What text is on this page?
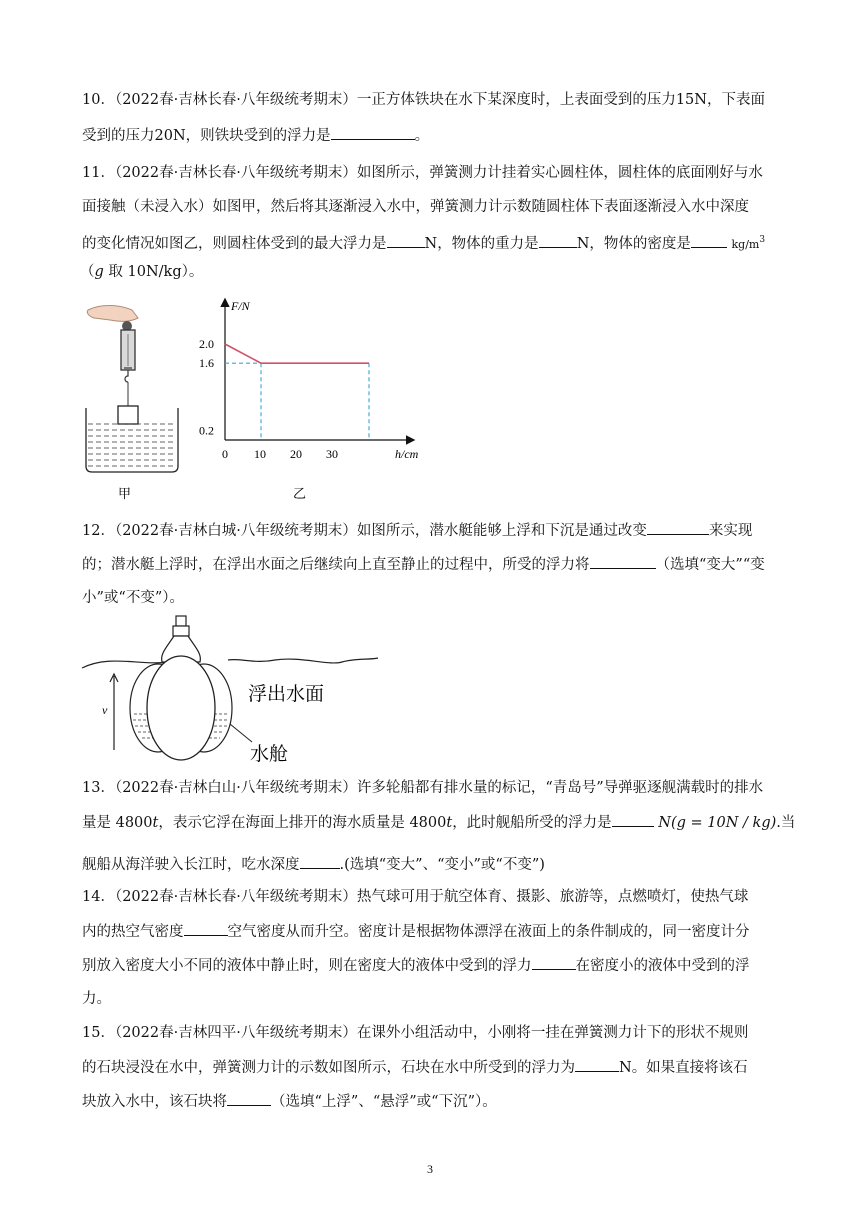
10．（2022春·吉林长春·八年级统考期末）一正方体铁块在水下某深度时，上表面受到的压力15N，下表面
受到的压力20N，则铁块受到的浮力是	。
11．（2022春·吉林长春·八年级统考期末）如图所示，弹簧测力计挂着实心圆柱体，圆柱体的底面刚好与水
面接触（未浸入水）如图甲，然后将其逐渐浸入水中，弹簧测力计示数随圆柱体下表面逐渐浸入水中深度
的变化情况如图乙，则圆柱体受到的最大浮力是	N，物体的重力是	N，物体的密度是	$kg/m^3$
（g 取 10N/kg）。
甲
F/N
h/cm
2.0
1.6
0.2
0 10 20 30
乙
12．（2022春·吉林白城·八年级统考期末）如图所示，潜水艇能够上浮和下沉是通过改变	来实现
的；潜水艇上浮时，在浮出水面之后继续向上直至静止的过程中，所受的浮力将	（选填“变大”“变
小”或“不变”）。
v
浮出水面
水舱
13．（2022春·吉林白山·八年级统考期末）许多轮船都有排水量的标记，“青岛号”导弹驱逐舰满载时的排水
量是 4800t，表示它浮在海面上排开的海水质量是 4800t，此时舰船所受的浮力是	N(g = 10N / kg).当
舰船从海洋驶入长江时，吃水深度	.(选填“变大”、“变小”或“不变”)
14．（2022春·吉林长春·八年级统考期末）热气球可用于航空体育、摄影、旅游等，点燃喷灯，使热气球
内的热空气密度	空气密度从而升空。密度计是根据物体漂浮在液面上的条件制成的，同一密度计分
别放入密度大小不同的液体中静止时，则在密度大的液体中受到的浮力	在密度小的液体中受到的浮
力。
15．（2022春·吉林四平·八年级统考期末）在课外小组活动中，小刚将一挂在弹簧测力计下的形状不规则
的石块浸没在水中，弹簧测力计的示数如图所示，石块在水中所受到的浮力为	N。如果直接将该石
块放入水中，该石块将	（选填“上浮”、“悬浮”或“下沉”）。
3
